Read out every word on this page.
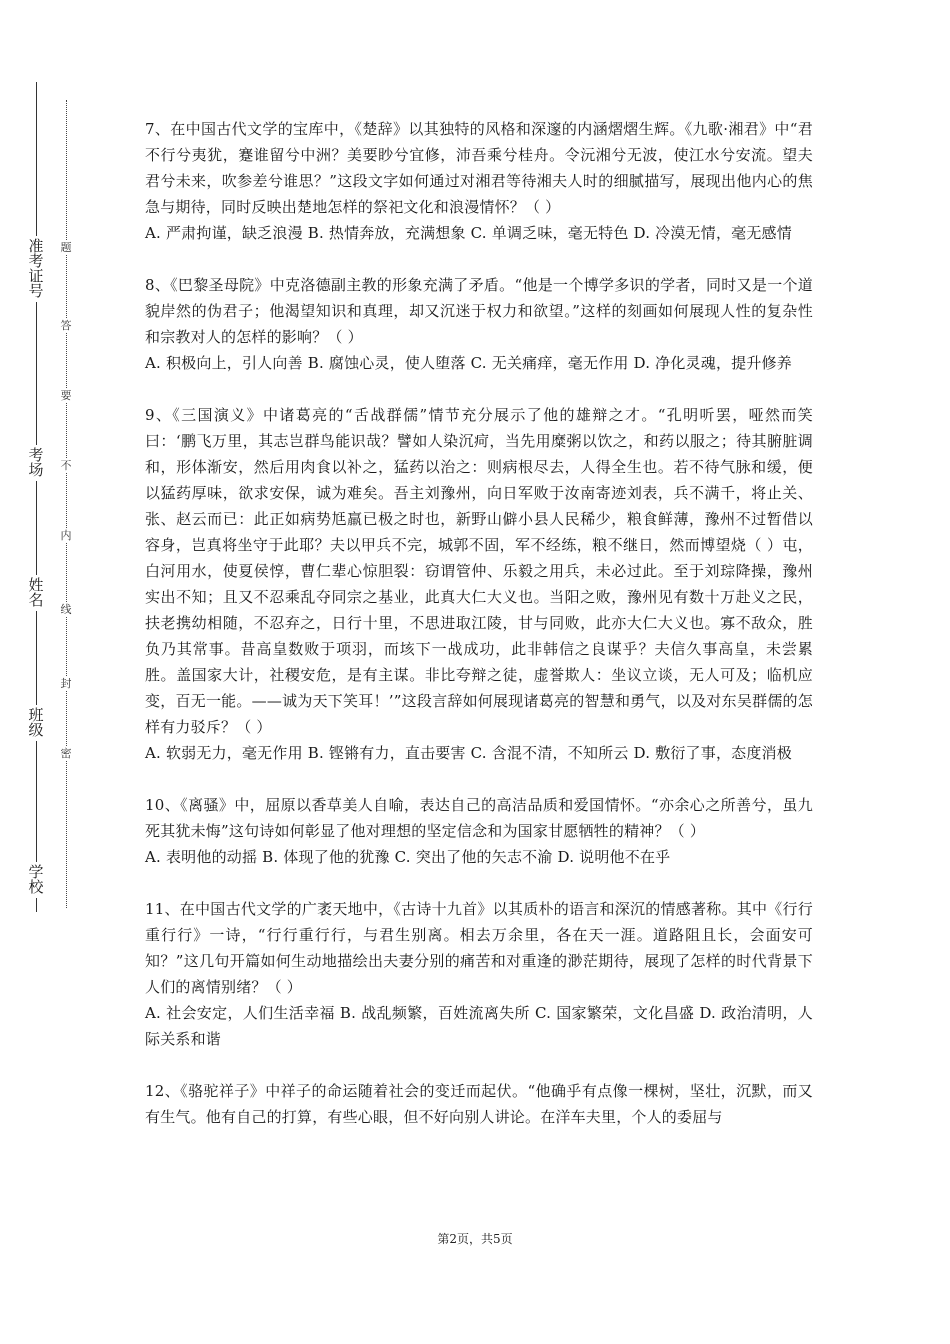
准考证号
考场
姓名
班级
学校
题
答
要
不
内
线
封
密

7、在中国古代文学的宝库中，《楚辞》以其独特的风格和深邃的内涵熠熠生辉。《九歌·湘君》中“君不行兮夷犹，蹇谁留兮中洲？美要眇兮宜修，沛吾乘兮桂舟。令沅湘兮无波，使江水兮安流。望夫君兮未来，吹参差兮谁思？”这段文字如何通过对湘君等待湘夫人时的细腻描写，展现出他内心的焦急与期待，同时反映出楚地怎样的祭祀文化和浪漫情怀？（ ）

A. 严肃拘谨，缺乏浪漫 B. 热情奔放，充满想象 C. 单调乏味，毫无特色 D. 冷漠无情，毫无感情

8、《巴黎圣母院》中克洛德副主教的形象充满了矛盾。“他是一个博学多识的学者，同时又是一个道貌岸然的伪君子；他渴望知识和真理，却又沉迷于权力和欲望。”这样的刻画如何展现人性的复杂性和宗教对人的怎样的影响？（ ）

A. 积极向上，引人向善 B. 腐蚀心灵，使人堕落 C. 无关痛痒，毫无作用 D. 净化灵魂，提升修养

9、《三国演义》中诸葛亮的“舌战群儒”情节充分展示了他的雄辩之才。“孔明听罢，哑然而笑曰：‘鹏飞万里，其志岂群鸟能识哉？譬如人染沉疴，当先用糜粥以饮之，和药以服之；待其腑脏调和，形体渐安，然后用肉食以补之，猛药以治之：则病根尽去，人得全生也。若不待气脉和缓，便以猛药厚味，欲求安保，诚为难矣。吾主刘豫州，向日军败于汝南寄迹刘表，兵不满千，将止关、张、赵云而已：此正如病势尪羸已极之时也，新野山僻小县人民稀少，粮食鲜薄，豫州不过暂借以容身，岂真将坐守于此耶？夫以甲兵不完，城郭不固，军不经练，粮不继日，然而博望烧（ ）屯，白河用水，使夏侯惇，曹仁辈心惊胆裂：窃谓管仲、乐毅之用兵，未必过此。至于刘琮降操，豫州实出不知；且又不忍乘乱夺同宗之基业，此真大仁大义也。当阳之败，豫州见有数十万赴义之民，扶老携幼相随，不忍弃之，日行十里，不思进取江陵，甘与同败，此亦大仁大义也。寡不敌众，胜负乃其常事。昔高皇数败于项羽，而垓下一战成功，此非韩信之良谋乎？夫信久事高皇，未尝累胜。盖国家大计，社稷安危，是有主谋。非比夸辩之徒，虚誉欺人：坐议立谈，无人可及；临机应变，百无一能。——诚为天下笑耳！’”这段言辞如何展现诸葛亮的智慧和勇气，以及对东吴群儒的怎样有力驳斥？（ ）

A. 软弱无力，毫无作用 B. 铿锵有力，直击要害 C. 含混不清，不知所云 D. 敷衍了事，态度消极

10、《离骚》中，屈原以香草美人自喻，表达自己的高洁品质和爱国情怀。“亦余心之所善兮，虽九死其犹未悔”这句诗如何彰显了他对理想的坚定信念和为国家甘愿牺牲的精神？（ ）

A. 表明他的动摇 B. 体现了他的犹豫 C. 突出了他的矢志不渝 D. 说明他不在乎

11、在中国古代文学的广袤天地中，《古诗十九首》以其质朴的语言和深沉的情感著称。其中《行行重行行》一诗，“行行重行行，与君生别离。相去万余里，各在天一涯。道路阻且长，会面安可知？”这几句开篇如何生动地描绘出夫妻分别的痛苦和对重逢的渺茫期待，展现了怎样的时代背景下人们的离情别绪？（ ）

A. 社会安定，人们生活幸福 B. 战乱频繁，百姓流离失所 C. 国家繁荣，文化昌盛 D. 政治清明，人际关系和谐

12、《骆驼祥子》中祥子的命运随着社会的变迁而起伏。“他确乎有点像一棵树，坚壮，沉默，而又有生气。他有自己的打算，有些心眼，但不好向别人讲论。在洋车夫里，个人的委屈与

第2页，共5页
